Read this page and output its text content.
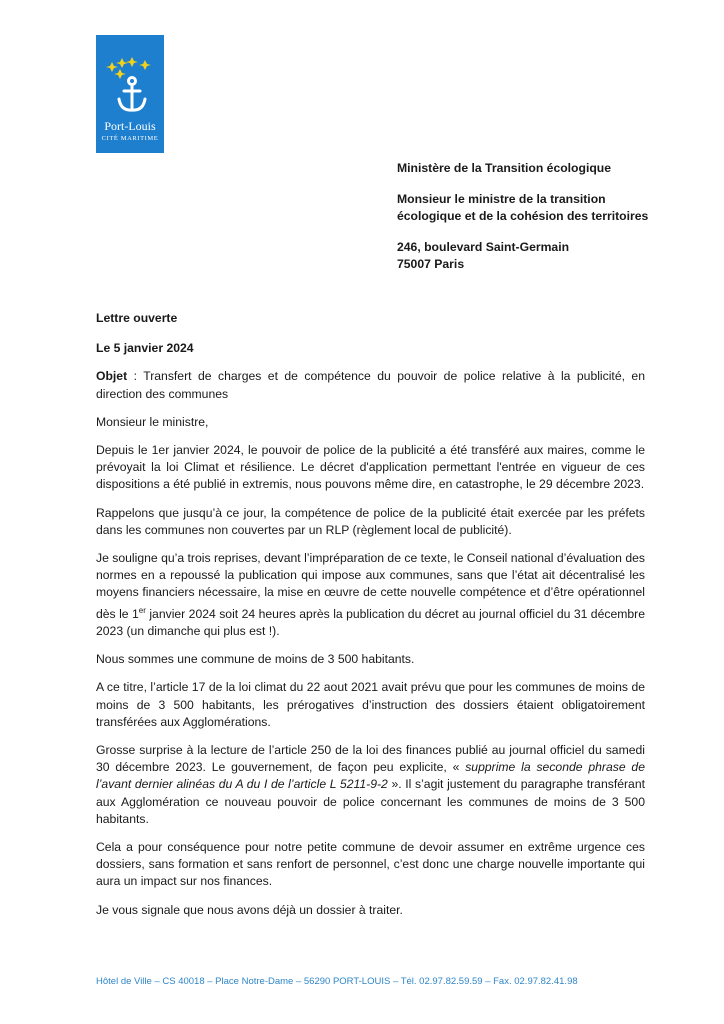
Port-Louis
CITÉ MARITIME
Ministère de la Transition écologique
Monsieur le ministre de la transition
écologique et de la cohésion des territoires
246, boulevard Saint-Germain
75007 Paris

Lettre ouverte

Le 5 janvier 2024

Objet : Transfert de charges et de compétence du pouvoir de police relative à la publicité, en direction des communes

Monsieur le ministre,

Depuis le 1er janvier 2024, le pouvoir de police de la publicité a été transféré aux maires, comme le prévoyait la loi Climat et résilience. Le décret d'application permettant l'entrée en vigueur de ces dispositions a été publié in extremis, nous pouvons même dire, en catastrophe, le 29 décembre 2023.

Rappelons que jusqu’à ce jour, la compétence de police de la publicité était exercée par les préfets dans les communes non couvertes par un RLP (règlement local de publicité).

Je souligne qu’a trois reprises, devant l’impréparation de ce texte, le Conseil national d’évaluation des normes en a repoussé la publication qui impose aux communes, sans que l’état ait décentralisé les moyens financiers nécessaire, la mise en œuvre de cette nouvelle compétence et d’être opérationnel dès le 1er janvier 2024 soit 24 heures après la publication du décret au journal officiel du 31 décembre 2023 (un dimanche qui plus est !).

Nous sommes une commune de moins de 3 500 habitants.

A ce titre, l’article 17 de la loi climat du 22 aout 2021 avait prévu que pour les communes de moins de moins de 3 500 habitants, les prérogatives d’instruction des dossiers étaient obligatoirement transférées aux Agglomérations.

Grosse surprise à la lecture de l’article 250 de la loi des finances publié au journal officiel du samedi 30 décembre 2023. Le gouvernement, de façon peu explicite, « supprime la seconde phrase de l’avant dernier alinéas du A du I de l’article L 5211-9-2 ». Il s’agit justement du paragraphe transférant aux Agglomération ce nouveau pouvoir de police concernant les communes de moins de 3 500 habitants.

Cela a pour conséquence pour notre petite commune de devoir assumer en extrême urgence ces dossiers, sans formation et sans renfort de personnel, c’est donc une charge nouvelle importante qui aura un impact sur nos finances.

Je vous signale que nous avons déjà un dossier à traiter.

Hôtel de Ville – CS 40018 – Place Notre-Dame – 56290 PORT-LOUIS – Tél. 02.97.82.59.59 – Fax. 02.97.82.41.98
